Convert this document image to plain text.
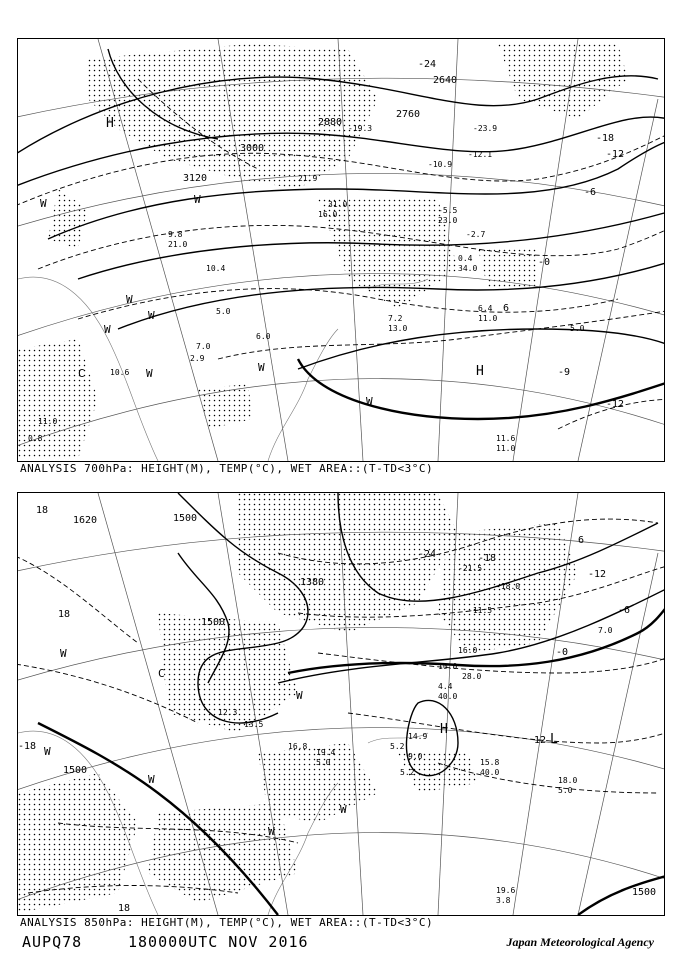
3000
3120
2880
2760
2640
-24
-18
-12
-6
-0
6
-12
-9
H
H
C
W
W
W
W
W	W
W
W
0.8
11.0
2.9
5.0
10.6
0.4
34.0
6.4
11.0
7.2
13.0
11.6
11.0
-5.5
23.0
-2.7
-10.9
-12.1
-23.9
-19.3
21.9
16.0
31.0
9.8
21.0
10.4
7.0
6.0
5.0
ANALYSIS 700hPa: HEIGHT(M), TEMP(°C), WET AREA::(T-TD<3°C)
1500
1500
1500
1500
1620
1380
18
18
-18
-18
-24
-12
-6
-0
6
12
18
H
L
C
W
W
W
W
W
W
10.0
28.0
4.4
40.0
15.8
40.0
18.0
5.0
19.6
3.8
16.0
-11.5
-21.5
-18.0
7.0
5.2
14.9
9.0
19.4
5.0
16.8
5.2
12.3
13.5
ANALYSIS 850hPa: HEIGHT(M), TEMP(°C), WET AREA::(T-TD<3°C)
AUPQ78	180000UTC NOV 2016	Japan Meteorological Agency
